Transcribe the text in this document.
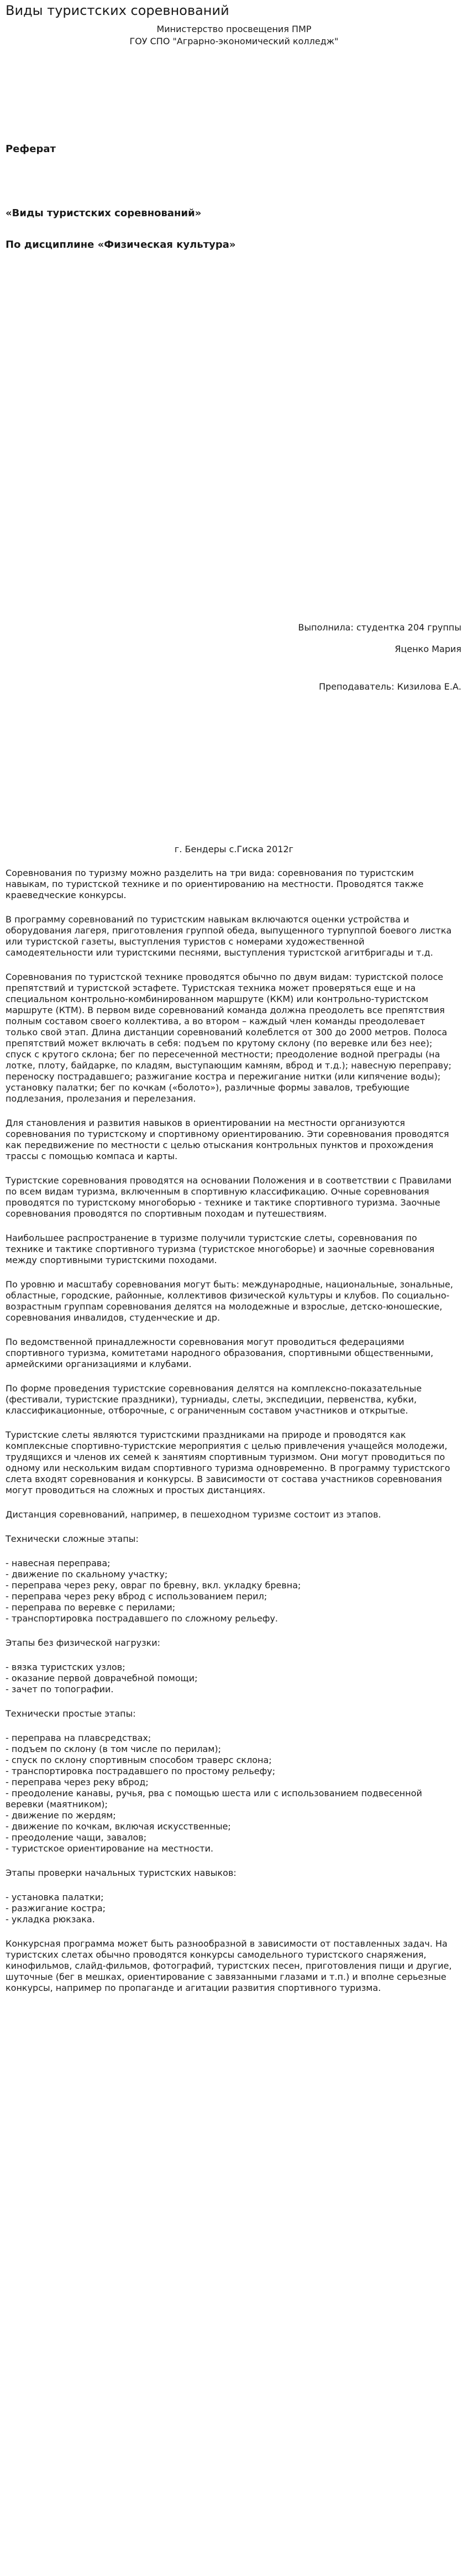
Виды туристских соревнований
Министерство просвещения ПМР
ГОУ СПО "Аграрно-экономический колледж"
Реферат
«Виды туристских соревнований»
По дисциплине «Физическая культура»
Выполнила: студентка 204 группы
Яценко Мария
Преподаватель: Кизилова Е.А.
г. Бендеры с.Гиска 2012г

Соревнования по туризму можно разделить на три вида: соревнования по туристским навыкам, по туристской технике и по ориентированию на местности. Проводятся также краеведческие конкурсы.

В программу соревнований по туристским навыкам включаются оценки устройства и оборудования лагеря, приготовления группой обеда, выпущенного турпуппой боевого листка или туристской газеты, выступления туристов с номерами художественной самодеятельности или туристскими песнями, выступления туристской агитбригады и т.д.

Соревнования по туристской технике проводятся обычно по двум видам: туристской полосе препятствий и туристской эстафете. Туристская техника может проверяться еще и на специальном контрольно-комбинированном маршруте (ККМ) или контрольно-туристском маршруте (КТМ). В первом виде соревнований команда должна преодолеть все препятствия полным составом своего коллектива, а во втором – каждый член команды преодолевает только свой этап. Длина дистанции соревнований колеблется от 300 до 2000 метров. Полоса препятствий может включать в себя: подъем по крутому склону (по веревке или без нее); спуск с крутого склона; бег по пересеченной местности; преодоление водной преграды (на лотке, плоту, байдарке, по кладям, выступающим камням, вброд и т.д.); навесную переправу; переноску пострадавшего; разжигание костра и пережигание нитки (или кипячение воды); установку палатки; бег по кочкам («болото»), различные формы завалов, требующие подлезания, пролезания и перелезания.

Для становления и развития навыков в ориентировании на местности организуются соревнования по туристскому и спортивному ориентированию. Эти соревнования проводятся как передвижение по местности с целью отыскания контрольных пунктов и прохождения трассы с помощью компаса и карты.

Туристские соревнования проводятся на основании Положения и в соответствии с Правилами по всем видам туризма, включенным в спортивную классификацию. Очные соревнования проводятся по туристскому многоборью - технике и тактике спортивного туризма. Заочные соревнования проводятся по спортивным походам и путешествиям.

Наибольшее распространение в туризме получили туристские слеты, соревнования по технике и тактике спортивного туризма (туристское многоборье) и заочные соревнования между спортивными туристскими походами.

По уровню и масштабу соревнования могут быть: международные, национальные, зональные, областные, городские, районные, коллективов физической культуры и клубов. По социально-возрастным группам соревнования делятся на молодежные и взрослые, детско-юношеские, соревнования инвалидов, студенческие и др.

По ведомственной принадлежности соревнования могут проводиться федерациями спортивного туризма, комитетами народного образования, спортивными общественными, армейскими организациями и клубами.

По форме проведения туристские соревнования делятся на комплексно-показательные (фестивали, туристские праздники), турниады, слеты, экспедиции, первенства, кубки, классификационные, отборочные, с ограниченным составом участников и открытые.

Туристские слеты являются туристскими праздниками на природе и проводятся как комплексные спортивно-туристские мероприятия с целью привлечения учащейся молодежи, трудящихся и членов их семей к занятиям спортивным туризмом. Они могут проводиться по одному или нескольким видам спортивного туризма одновременно. В программу туристского слета входят соревнования и конкурсы. В зависимости от состава участников соревнования могут проводиться на сложных и простых дистанциях.

Дистанция соревнований, например, в пешеходном туризме состоит из этапов.

Технически сложные этапы:

- навесная переправа;
- движение по скальному участку;
- переправа через реку, овраг по бревну, вкл. укладку бревна;
- переправа через реку вброд с использованием перил;
- переправа по веревке с перилами;
- транспортировка пострадавшего по сложному рельефу.

Этапы без физической нагрузки:

- вязка туристских узлов;
- оказание первой доврачебной помощи;
- зачет по топографии.

Технически простые этапы:

- переправа на плавсредствах;
- подъем по склону (в том числе по перилам);
- спуск по склону спортивным способом траверс склона;
- транспортировка пострадавшего по простому рельефу;
- переправа через реку вброд;
- преодоление канавы, ручья, рва с помощью шеста или с использованием подвесенной веревки (маятником);
- движение по жердям;
- движение по кочкам, включая искусственные;
- преодоление чащи, завалов;
- туристское ориентирование на местности.

Этапы проверки начальных туристских навыков:

- установка палатки;
- разжигание костра;
- укладка рюкзака.

Конкурсная программа может быть разнообразной в зависимости от поставленных задач. На туристских слетах обычно проводятся конкурсы самодельного туристского снаряжения, кинофильмов, слайд-фильмов, фотографий, туристских песен, приготовления пищи и другие, шуточные (бег в мешках, ориентирование с завязанными глазами и т.п.) и вполне серьезные конкурсы, например по пропаганде и агитации развития спортивного туризма.
